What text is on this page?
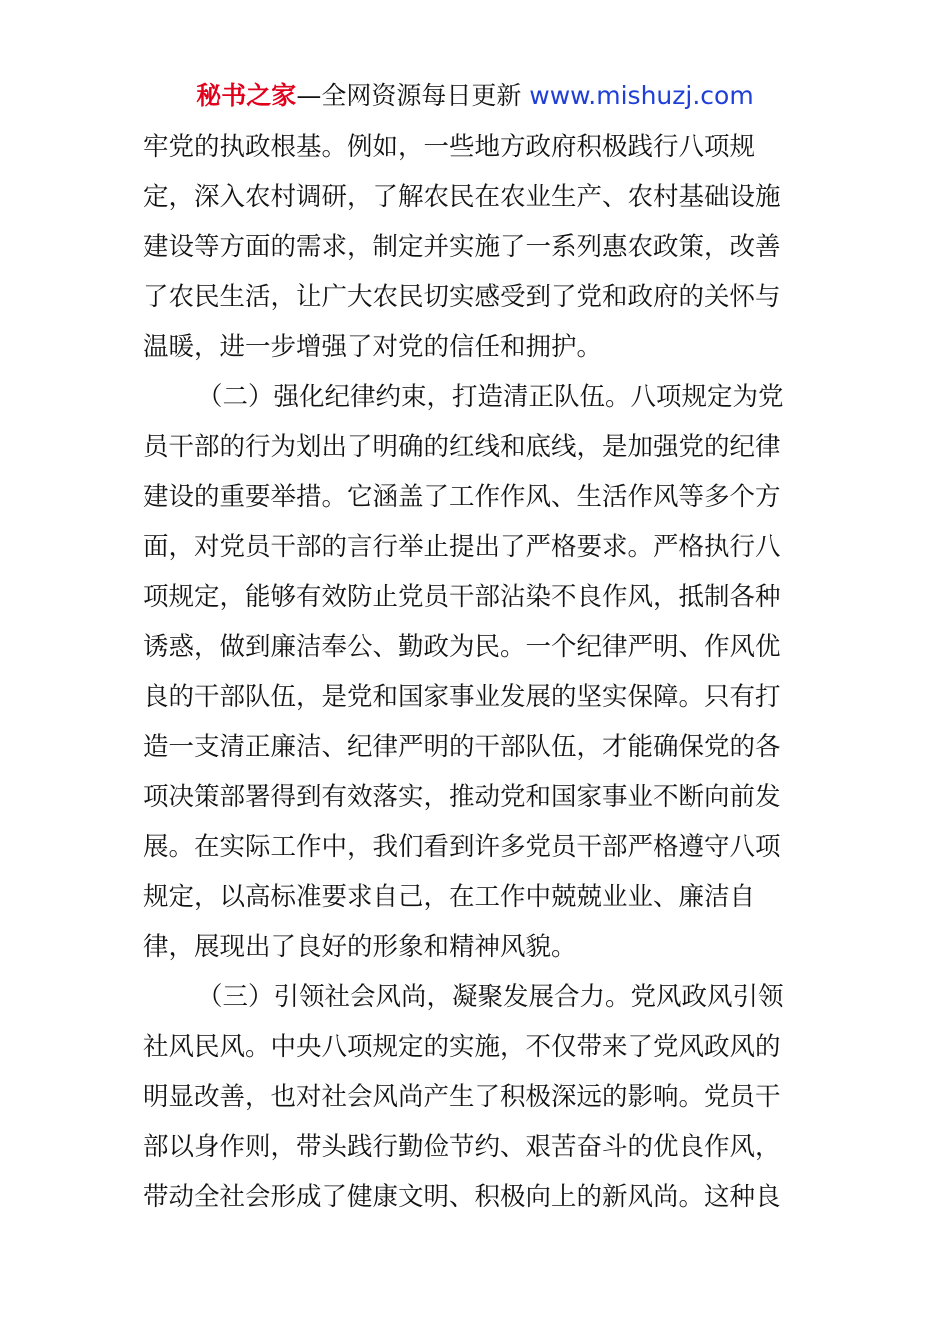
秘书之家—全网资源每日更新 www.mishuzj.com
牢党的执政根基。例如，一些地方政府积极践行八项规
定，深入农村调研，了解农民在农业生产、农村基础设施
建设等方面的需求，制定并实施了一系列惠农政策，改善
了农民生活，让广大农民切实感受到了党和政府的关怀与
温暖，进一步增强了对党的信任和拥护。
（二）强化纪律约束，打造清正队伍。八项规定为党
员干部的行为划出了明确的红线和底线，是加强党的纪律
建设的重要举措。它涵盖了工作作风、生活作风等多个方
面，对党员干部的言行举止提出了严格要求。严格执行八
项规定，能够有效防止党员干部沾染不良作风，抵制各种
诱惑，做到廉洁奉公、勤政为民。一个纪律严明、作风优
良的干部队伍，是党和国家事业发展的坚实保障。只有打
造一支清正廉洁、纪律严明的干部队伍，才能确保党的各
项决策部署得到有效落实，推动党和国家事业不断向前发
展。在实际工作中，我们看到许多党员干部严格遵守八项
规定，以高标准要求自己，在工作中兢兢业业、廉洁自
律，展现出了良好的形象和精神风貌。
（三）引领社会风尚，凝聚发展合力。党风政风引领
社风民风。中央八项规定的实施，不仅带来了党风政风的
明显改善，也对社会风尚产生了积极深远的影响。党员干
部以身作则，带头践行勤俭节约、艰苦奋斗的优良作风，
带动全社会形成了健康文明、积极向上的新风尚。这种良
